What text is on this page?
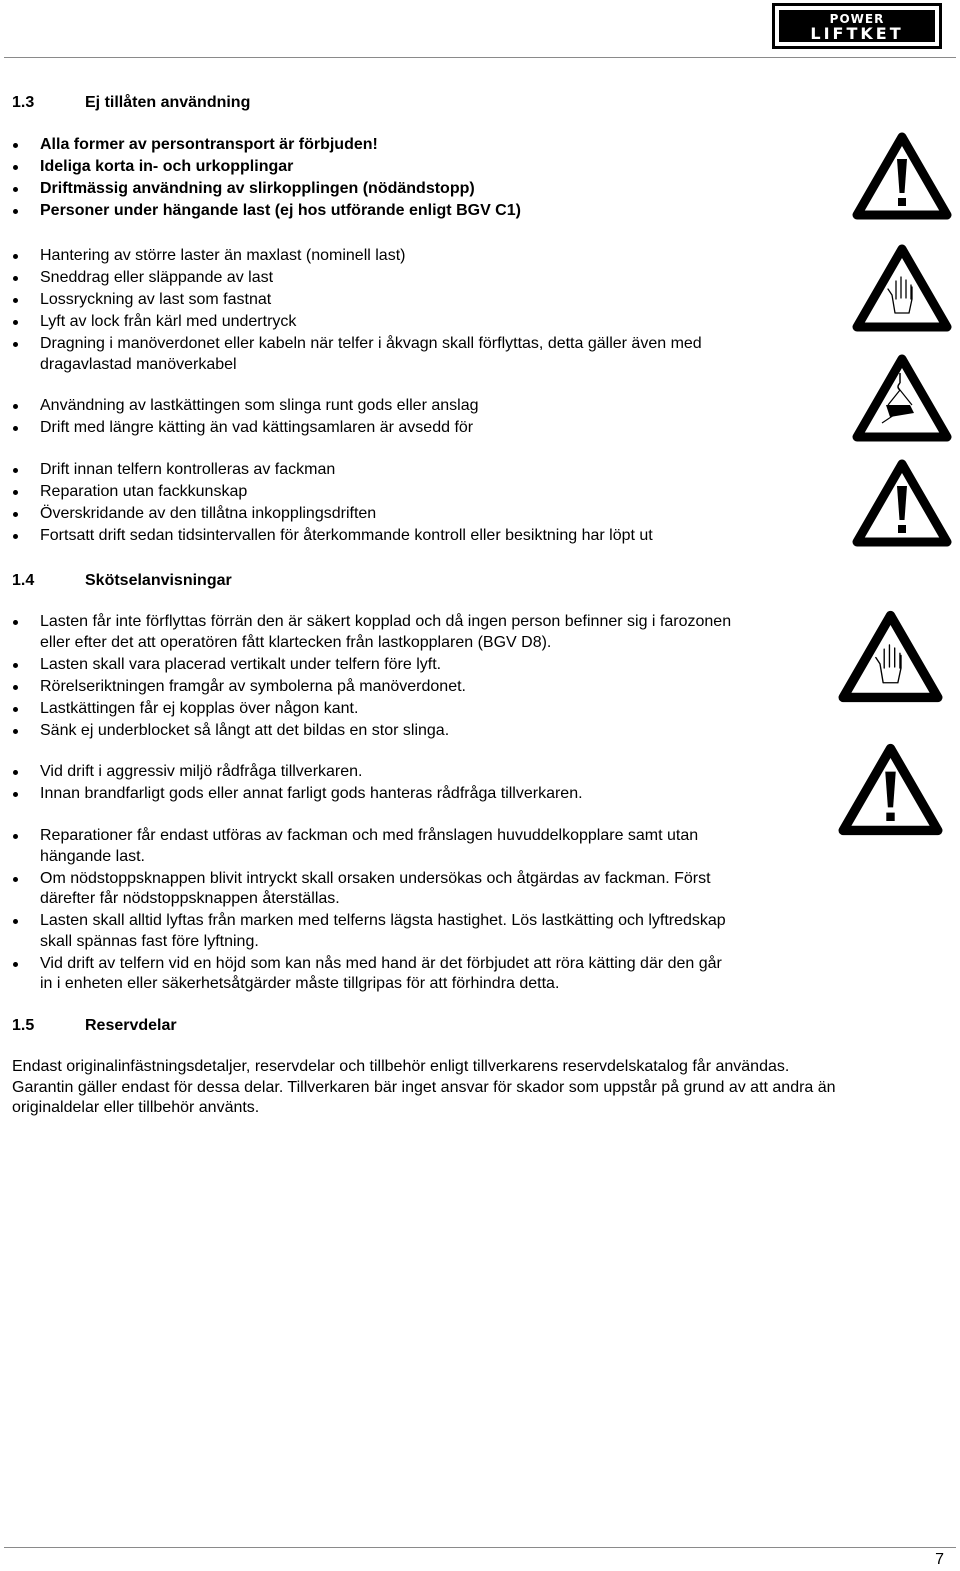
POWER
LIFTKET
1.3	Ej tillåten användning
Alla former av persontransport är förbjuden!
Ideliga korta in- och urkopplingar
Driftmässig användning av slirkopplingen (nödändstopp)
Personer under hängande last (ej hos utförande enligt BGV C1)
Hantering av större laster än maxlast (nominell last)
Sneddrag eller släppande av last
Lossryckning av last som fastnat
Lyft av lock från kärl med undertryck
Dragning i manöverdonet eller kabeln när telfer i åkvagn skall förflyttas, detta gäller även med
dragavlastad manöverkabel
Användning av lastkättingen som slinga runt gods eller anslag
Drift med längre kätting än vad kättingsamlaren är avsedd för
Drift innan telfern kontrolleras av fackman
Reparation utan fackkunskap
Överskridande av den tillåtna inkopplingsdriften
Fortsatt drift sedan tidsintervallen för återkommande kontroll eller besiktning har löpt ut
1.4	Skötselanvisningar
Lasten får inte förflyttas förrän den är säkert kopplad och då ingen person befinner sig i farozonen
eller efter det att operatören fått klartecken från lastkopplaren (BGV D8).
Lasten skall vara placerad vertikalt under telfern före lyft.
Rörelseriktningen framgår av symbolerna på manöverdonet.
Lastkättingen får ej kopplas över någon kant.
Sänk ej underblocket så långt att det bildas en stor slinga.
Vid drift i aggressiv miljö rådfråga tillverkaren.
Innan brandfarligt gods eller annat farligt gods hanteras rådfråga tillverkaren.
Reparationer får endast utföras av fackman och med frånslagen huvuddelkopplare samt utan
hängande last.
Om nödstoppsknappen blivit intryckt skall orsaken undersökas och åtgärdas av fackman. Först
därefter får nödstoppsknappen återställas.
Lasten skall alltid lyftas från marken med telferns lägsta hastighet. Lös lastkätting och lyftredskap
skall spännas fast före lyftning.
Vid drift av telfern vid en höjd som kan nås med hand är det förbjudet att röra kätting där den går
in i enheten eller säkerhetsåtgärder måste tillgripas för att förhindra detta.
1.5	Reservdelar
Endast originalinfästningsdetaljer, reservdelar och tillbehör enligt tillverkarens reservdelskatalog får användas.
Garantin gäller endast för dessa delar. Tillverkaren bär inget ansvar för skador som uppstår på grund av att andra än
originaldelar eller tillbehör använts.
7
